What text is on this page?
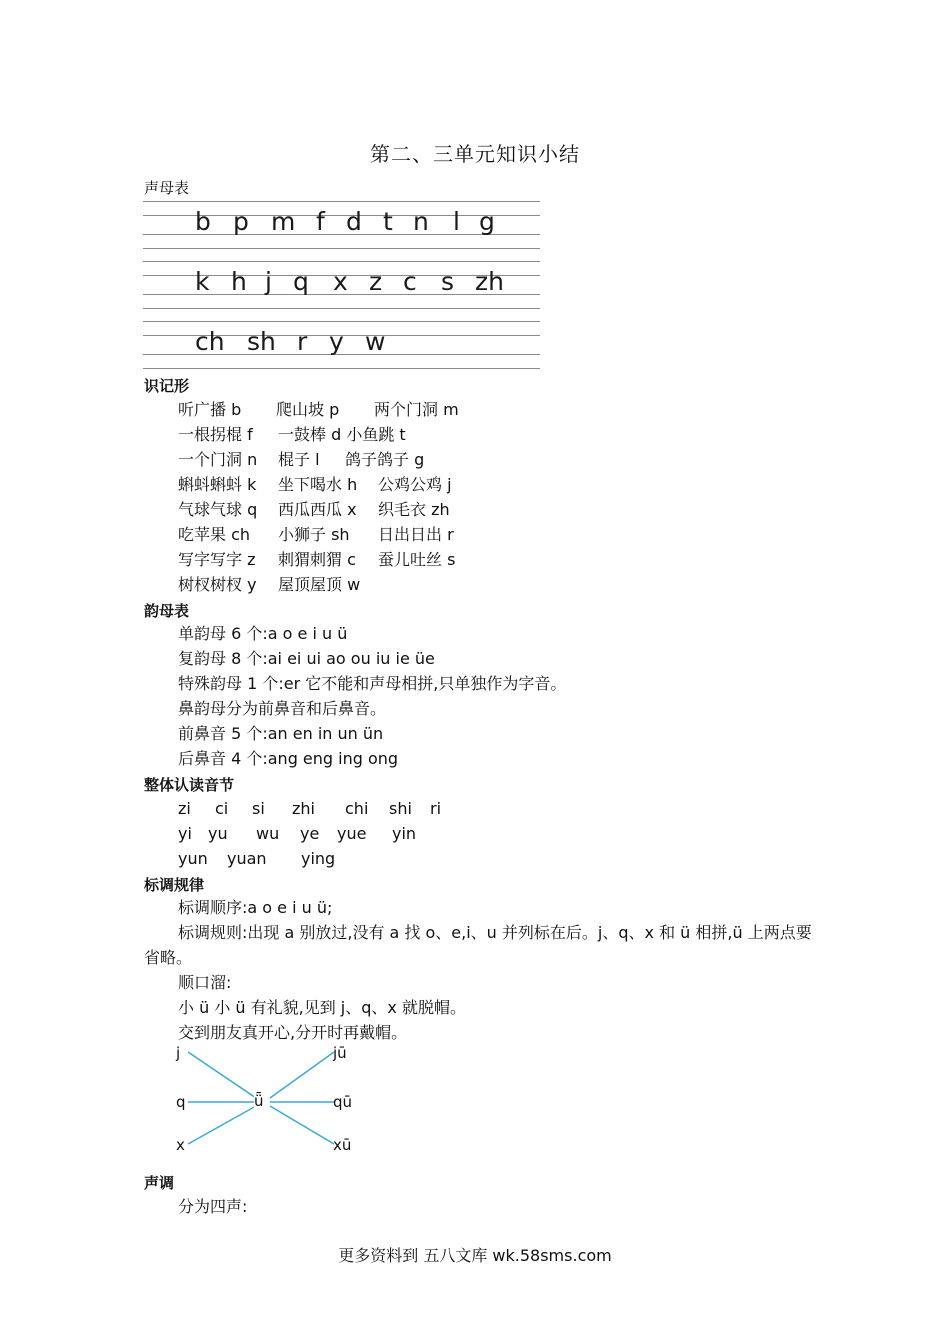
第二、三单元知识小结
声母表
b p m f d t n l g
k h j q x z c s zh
ch sh r y w
识记形
听广播 b 爬山坡 p 两个门洞 m
一根拐棍 f 一鼓棒 d 小鱼跳 t
一个门洞 n 棍子 l 鸽子鸽子 g
蝌蚪蝌蚪 k 坐下喝水 h 公鸡公鸡 j
气球气球 q 西瓜西瓜 x 织毛衣 zh
吃苹果 ch 小狮子 sh 日出日出 r
写字写字 z 刺猬刺猬 c 蚕儿吐丝 s
树杈树杈 y 屋顶屋顶 w
韵母表
单韵母 6 个:a o e i u ü
复韵母 8 个:ai ei ui ao ou iu ie üe
特殊韵母 1 个:er 它不能和声母相拼,只单独作为字音。
鼻韵母分为前鼻音和后鼻音。
前鼻音 5 个:an en in un ün
后鼻音 4 个:ang eng ing ong
整体认读音节
zi ci si zhi chi shi ri
yi yu wu ye yue yin
yun yuan ying
标调规律
标调顺序:a o e i u ü;
标调规则:出现 a 别放过,没有 a 找 o、e,i、u 并列标在后。j、q、x 和 ü 相拼,ü 上两点要省略。
顺口溜:
小 ü 小 ü 有礼貌,见到 j、q、x 就脱帽。
交到朋友真开心,分开时再戴帽。
j
q
x
ǖ
jū
qū
xū
声调
分为四声:
更多资料到 五八文库 wk.58sms.com
